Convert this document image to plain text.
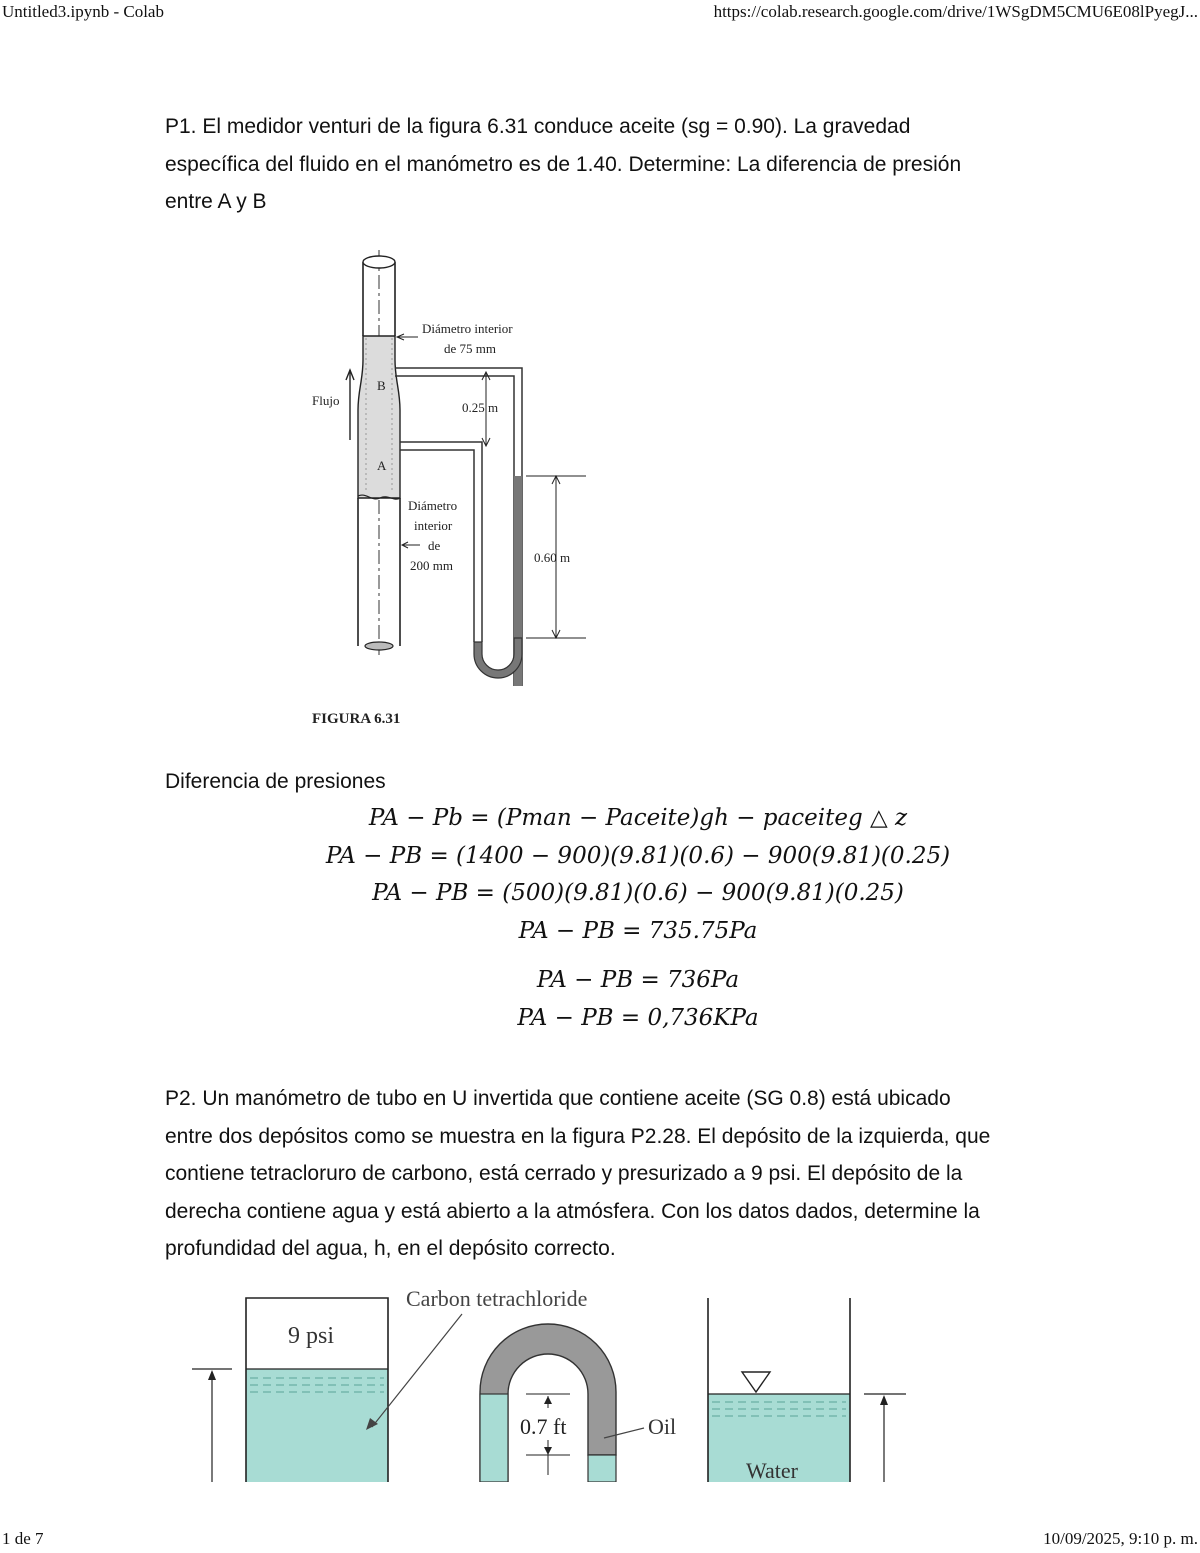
Untitled3.ipynb - Colab	https://colab.research.google.com/drive/1WSgDM5CMU6E08lPyegJ...
P1. El medidor venturi de la figura 6.31 conduce aceite (sg = 0.90). La gravedad
específica del fluido en el manómetro es de 1.40. Determine: La diferencia de presión
entre A y B
Diámetro interior
de 75 mm
Flujo
B
A
0.25 m
0.60 m
Diámetro
interior
de
200 mm
FIGURA 6.31
Diferencia de presiones
PA − Pb = (Pman − Paceite)gh − paceiteg △ z
PA − PB = (1400 − 900)(9.81)(0.6) − 900(9.81)(0.25)
PA − PB = (500)(9.81)(0.6) − 900(9.81)(0.25)
PA − PB = 735.75Pa
PA − PB = 736Pa
PA − PB = 0,736KPa
P2. Un manómetro de tubo en U invertida que contiene aceite (SG 0.8) está ubicado
entre dos depósitos como se muestra en la figura P2.28. El depósito de la izquierda, que
contiene tetracloruro de carbono, está cerrado y presurizado a 9 psi. El depósito de la
derecha contiene agua y está abierto a la atmósfera. Con los datos dados, determine la
profundidad del agua, h, en el depósito correcto.
9 psi
Carbon tetrachloride
0.7 ft	Oil
Water
1 de 7	10/09/2025, 9:10 p. m.
